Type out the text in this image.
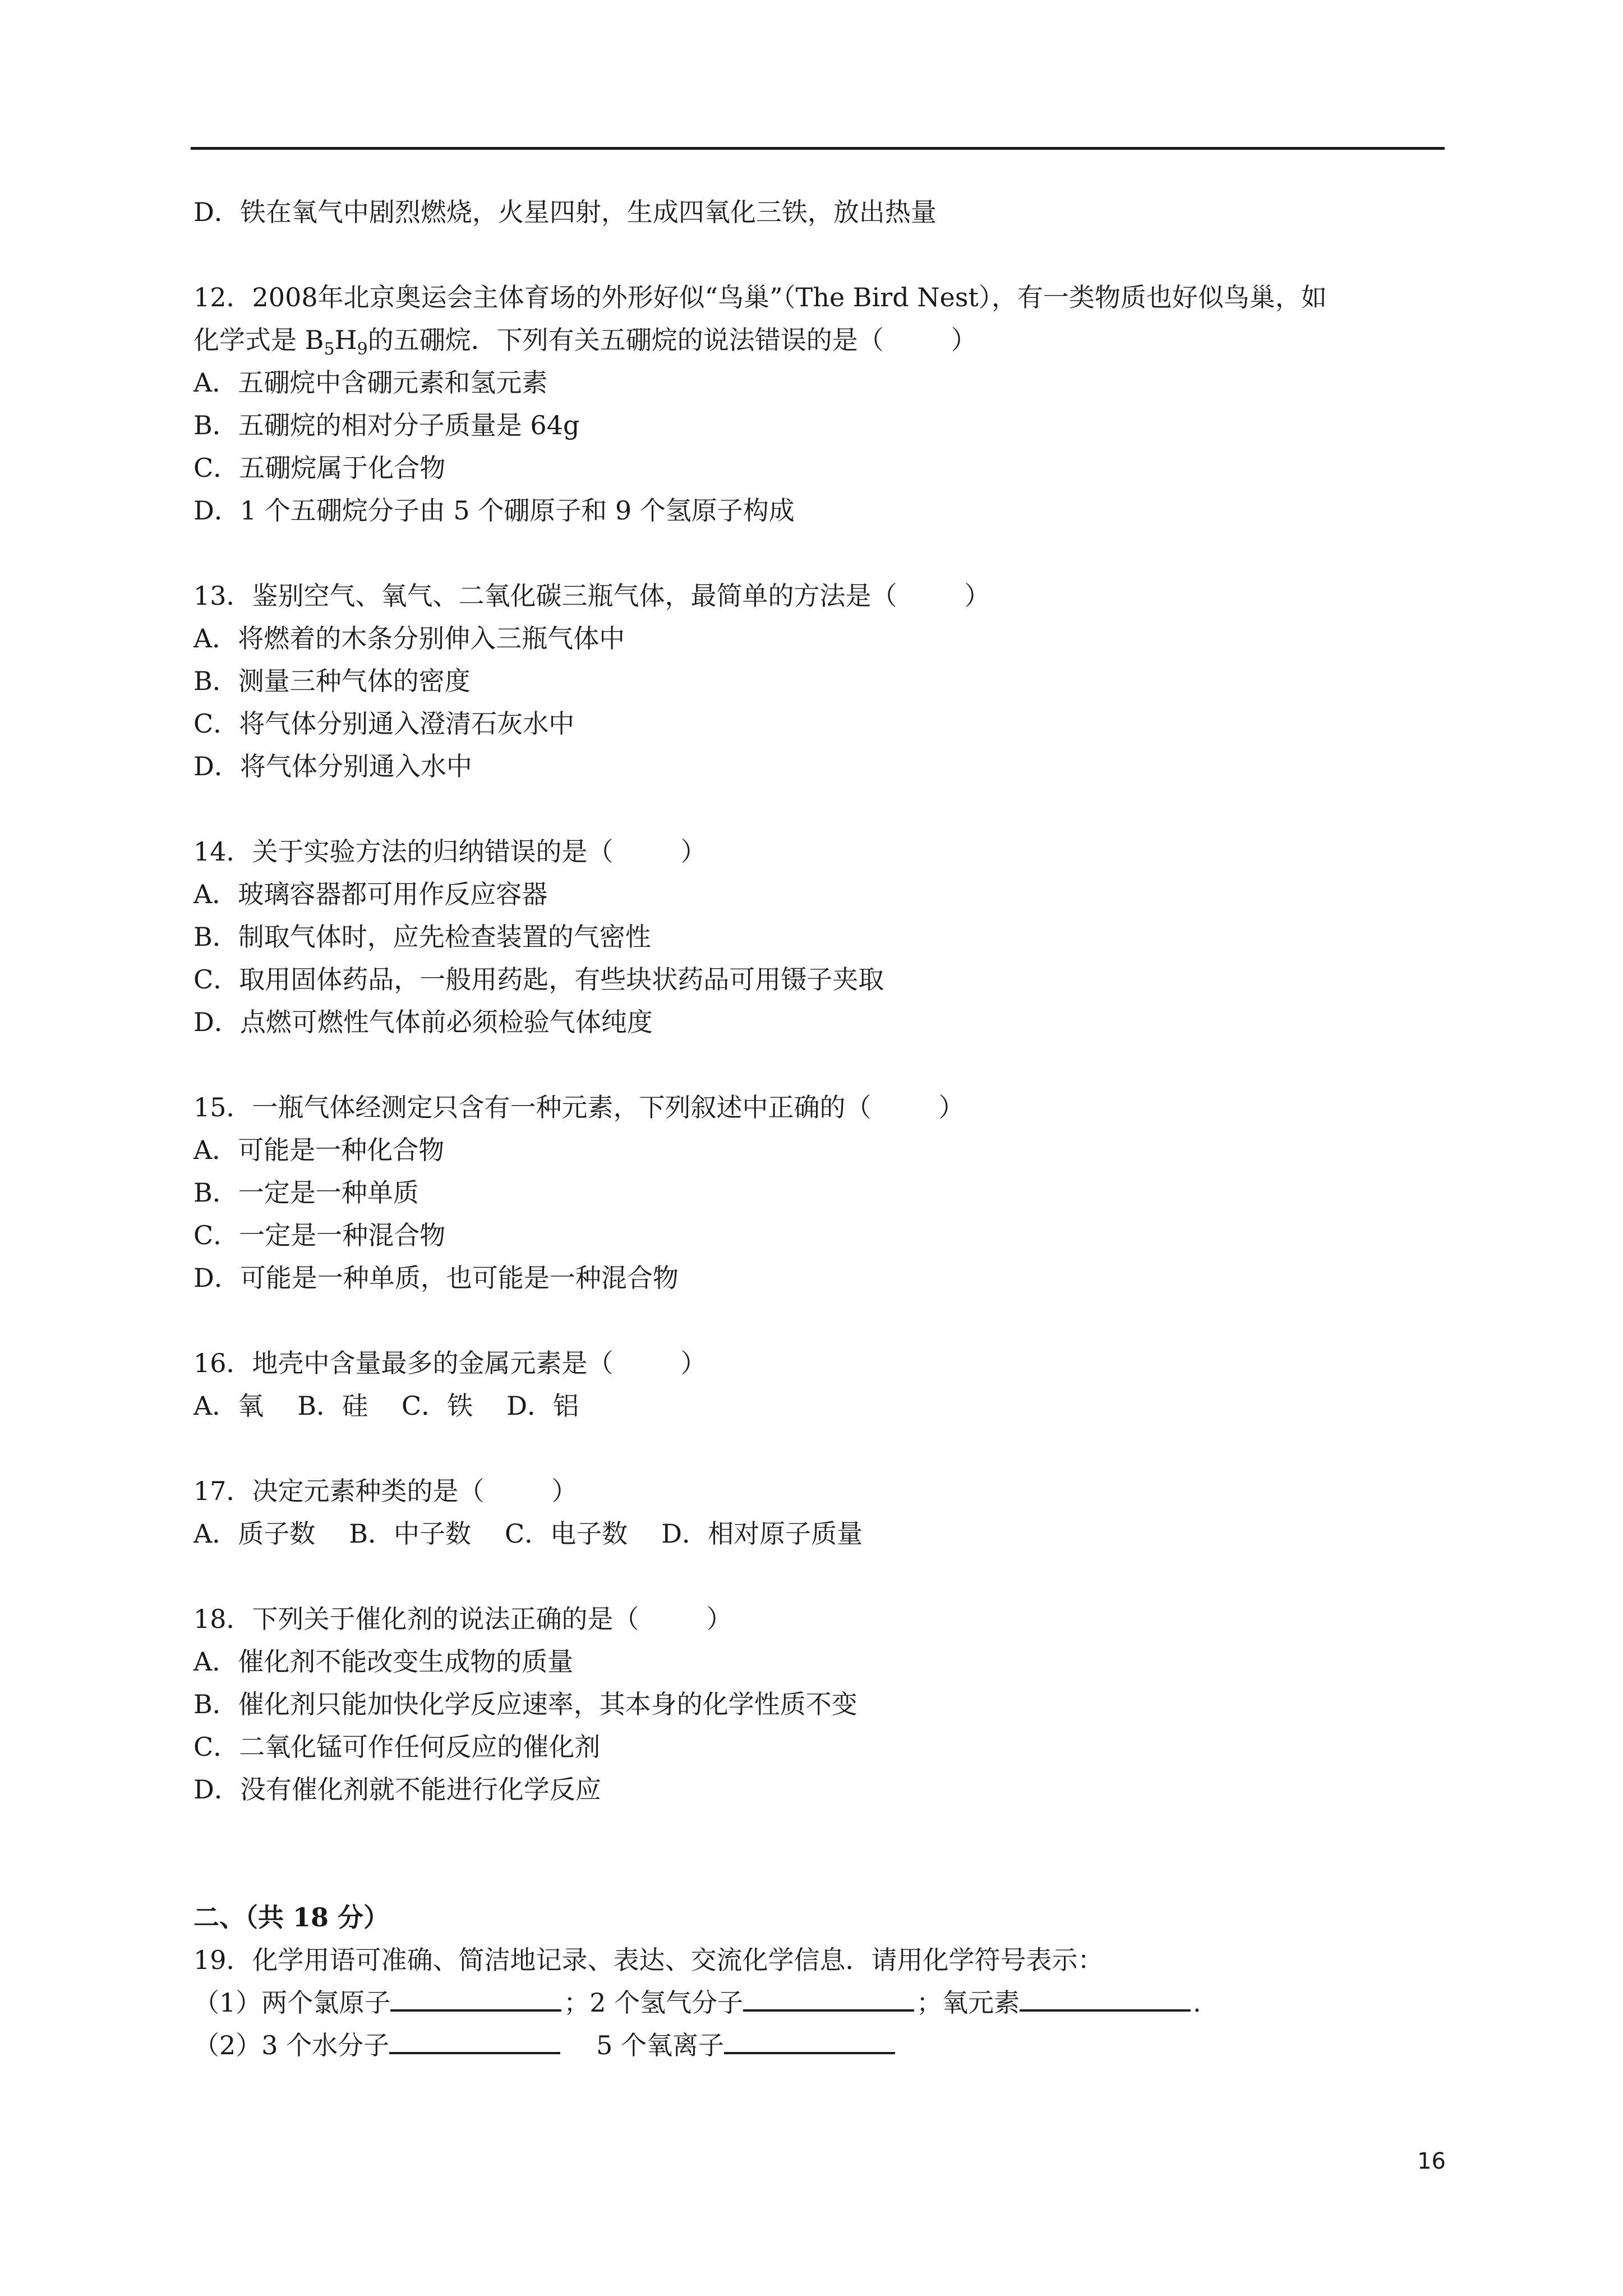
D．铁在氧气中剧烈燃烧，火星四射，生成四氧化三铁，放出热量
12．2008年北京奥运会主体育场的外形好似“鸟巢”（The Bird Nest），有一类物质也好似鸟巢，如
化学式是 $B_5H_9$的五硼烷．下列有关五硼烷的说法错误的是（	）
A．五硼烷中含硼元素和氢元素
B．五硼烷的相对分子质量是 64g
C．五硼烷属于化合物
D．1 个五硼烷分子由 5 个硼原子和 9 个氢原子构成
13．鉴别空气、氧气、二氧化碳三瓶气体，最简单的方法是（	）
A．将燃着的木条分别伸入三瓶气体中
B．测量三种气体的密度
C．将气体分别通入澄清石灰水中
D．将气体分别通入水中
14．关于实验方法的归纳错误的是（	）
A．玻璃容器都可用作反应容器
B．制取气体时，应先检查装置的气密性
C．取用固体药品，一般用药匙，有些块状药品可用镊子夹取
D．点燃可燃性气体前必须检验气体纯度
15．一瓶气体经测定只含有一种元素，下列叙述中正确的（	）
A．可能是一种化合物
B．一定是一种单质
C．一定是一种混合物
D．可能是一种单质，也可能是一种混合物
16．地壳中含量最多的金属元素是（	）
A．氧 B．硅 C．铁 D．铝
17．决定元素种类的是（	）
A．质子数 B．中子数 C．电子数 D．相对原子质量
18．下列关于催化剂的说法正确的是（	）
A．催化剂不能改变生成物的质量
B．催化剂只能加快化学反应速率，其本身的化学性质不变
C．二氧化锰可作任何反应的催化剂
D．没有催化剂就不能进行化学反应
二、（共 18 分）
19．化学用语可准确、简洁地记录、表达、交流化学信息．请用化学符号表示：
（1）两个氯原子	；2 个氢气分子	；氧元素	.
（2）3 个水分子	5 个氧离子
16
